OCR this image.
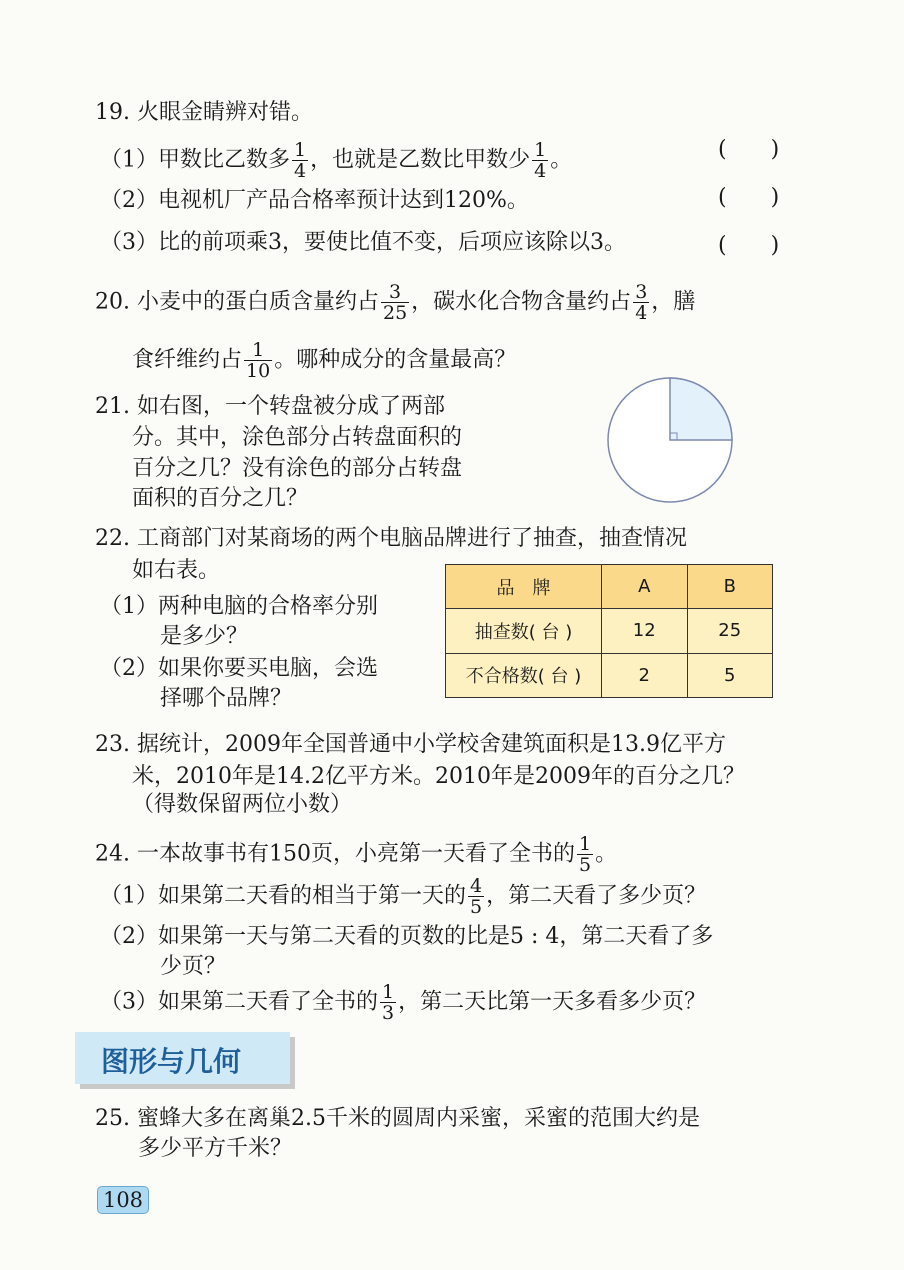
19. 火眼金睛辨对错。
（1）甲数比乙数多 $\frac{1}{4}$ ，也就是乙数比甲数少 $\frac{1}{4}$ 。	(　　)
（2）电视机厂产品合格率预计达到120%。	(　　)
（3）比的前项乘3，要使比值不变，后项应该除以3。	(　　)
20. 小麦中的蛋白质含量约占 $\frac{3}{25}$ ，碳水化合物含量约占 $\frac{3}{4}$ ，膳
食纤维约占 $\frac{1}{10}$ 。哪种成分的含量最高？
21. 如右图，一个转盘被分成了两部
分。其中，涂色部分占转盘面积的
百分之几？没有涂色的部分占转盘
面积的百分之几？
22. 工商部门对某商场的两个电脑品牌进行了抽查，抽查情况
如右表。
（1）两种电脑的合格率分别
是多少？
（2）如果你要买电脑，会选
择哪个品牌？
品　牌	A	B
抽查数( 台 )	12	25
不合格数( 台 )	2	5
23. 据统计，2009年全国普通中小学校舍建筑面积是13.9亿平方
米，2010年是14.2亿平方米。2010年是2009年的百分之几？
（得数保留两位小数）
24. 一本故事书有150页，小亮第一天看了全书的 $\frac{1}{5}$ 。
（1）如果第二天看的相当于第一天的 $\frac{4}{5}$ ，第二天看了多少页？
（2）如果第一天与第二天看的页数的比是5 : 4，第二天看了多
少页？
（3）如果第二天看了全书的 $\frac{1}{3}$ ，第二天比第一天多看多少页？
图形与几何
25. 蜜蜂大多在离巢2.5千米的圆周内采蜜，采蜜的范围大约是
多少平方千米？
108
